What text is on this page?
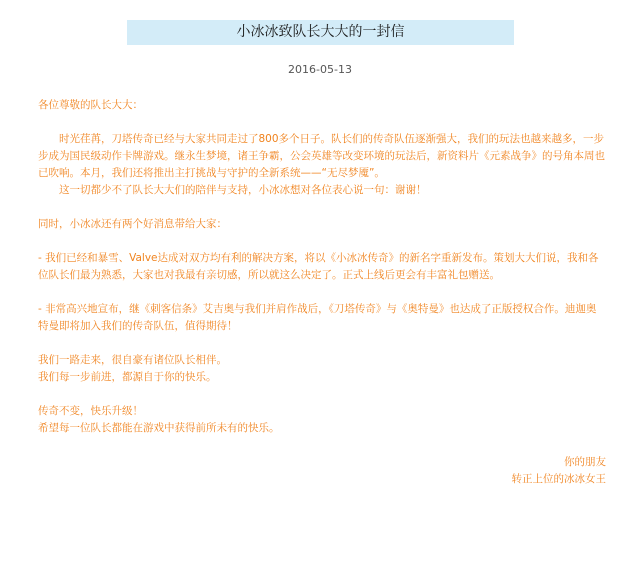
小冰冰致队长大大的一封信
2016-05-13

各位尊敬的队长大大：

时光荏苒，刀塔传奇已经与大家共同走过了800多个日子。队长们的传奇队伍逐渐强大，我们的玩法也越来越多，一步步成为国民级动作卡牌游戏。继永生梦境，诸王争霸，公会英雄等改变环境的玩法后，新资料片《元素战争》的号角本周也已吹响。本月，我们还将推出主打挑战与守护的全新系统——“无尽梦魇”。

这一切都少不了队长大大们的陪伴与支持，小冰冰想对各位表心说一句：谢谢！

同时，小冰冰还有两个好消息带给大家：

- 我们已经和暴雪、Valve达成对双方均有利的解决方案，将以《小冰冰传奇》的新名字重新发布。策划大大们说，我和各位队长们最为熟悉，大家也对我最有亲切感，所以就这么决定了。正式上线后更会有丰富礼包赠送。

- 非常高兴地宣布，继《刺客信条》艾吉奥与我们并肩作战后，《刀塔传奇》与《奥特曼》也达成了正版授权合作。迪迦奥特曼即将加入我们的传奇队伍，值得期待！

我们一路走来，很自豪有诸位队长相伴。

我们每一步前进，都源自于你的快乐。

传奇不变，快乐升级！

希望每一位队长都能在游戏中获得前所未有的快乐。

你的朋友

转正上位的冰冰女王
